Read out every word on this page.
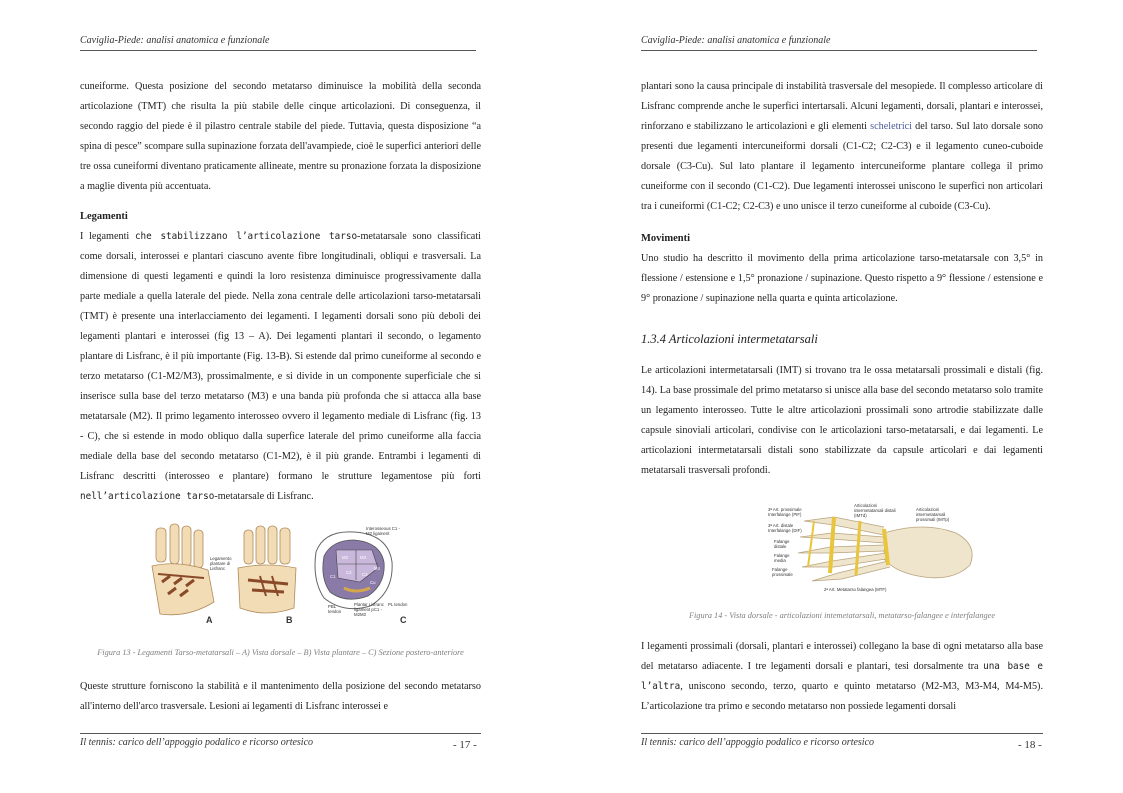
Caviglia-Piede: analisi anatomica e funzionale

cuneiforme. Questa posizione del secondo metatarso diminuisce la mobilità della seconda articolazione (TMT) che risulta la più stabile delle cinque articolazioni. Di conseguenza, il secondo raggio del piede è il pilastro centrale stabile del piede. Tuttavia, questa disposizione “a spina di pesce” scompare sulla supinazione forzata dell'avampiede, cioè le superfici anteriori delle tre ossa cuneiformi diventano praticamente allineate, mentre su pronazione forzata la disposizione a maglie diventa più accentuata.

Legamenti

I legamenti che stabilizzano l’articolazione tarso-metatarsale sono classificati come dorsali, interossei e plantari ciascuno avente fibre longitudinali, obliqui e trasversali. La dimensione di questi legamenti e quindi la loro resistenza diminuisce progressivamente dalla parte mediale a quella laterale del piede. Nella zona centrale delle articolazioni tarso-metatarsali (TMT) è presente una interlacciamento dei legamenti. I legamenti dorsali sono più deboli dei legamenti plantari e interossei (fig 13 – A). Dei legamenti plantari il secondo, o legamento plantare di Lisfranc, è il più importante (Fig. 13-B). Si estende dal primo cuneiforme al secondo e terzo metatarso (C1-M2/M3), prossimalmente, e si divide in un componente superficiale che si inserisce sulla base del terzo metatarso (M3) e una banda più profonda che si attacca alla base metatarsale (M2). Il primo legamento interosseo ovvero il legamento mediale di Lisfranc (fig. 13 - C), che si estende in modo obliquo dalla superfice laterale del primo cuneiforme alla faccia mediale della base del secondo metatarso (C1-M2), è il più grande. Entrambi i legamenti di Lisfranc descritti (interosseo e plantare) formano le strutture legamentose più forti nell’articolazione tarso-metatarsale di Lisfranc.

Legamento plantare di Lisfranc
Interosseous C1 - M2 ligament
Plantar Lisfranc ligament pC1 - M2M3
PL tendon
PBL tendon
M2	M3
M4
C1
C2 C3
Cu
A	B	C
Figura 13 - Legamenti Tarso-metatarsali – A) Vista dorsale – B) Vista plantare – C) Sezione postero-anteriore

Queste strutture forniscono la stabilità e il mantenimento della posizione del secondo metatarso all'interno dell'arco trasversale. Lesioni ai legamenti di Lisfranc interossei e

Il tennis: carico dell’appoggio podalico e ricorso ortesico	- 17 -
Caviglia-Piede: analisi anatomica e funzionale

plantari sono la causa principale di instabilità trasversale del mesopiede. Il complesso articolare di Lisfranc comprende anche le superfici intertarsali. Alcuni legamenti, dorsali, plantari e interossei, rinforzano e stabilizzano le articolazioni e gli elementi scheletrici del tarso. Sul lato dorsale sono presenti due legamenti intercuneiformi dorsali (C1-C2; C2-C3) e il legamento cuneo-cuboide dorsale (C3-Cu). Sul lato plantare il legamento intercuneiforme plantare collega il primo cuneiforme con il secondo (C1-C2). Due legamenti interossei uniscono le superfici non articolari tra i cuneiformi (C1-C2; C2-C3) e uno unisce il terzo cuneiforme al cuboide (C3-Cu).

Movimenti

Uno studio ha descritto il movimento della prima articolazione tarso-metatarsale con 3,5° in flessione / estensione e 1,5° pronazione / supinazione. Questo rispetto a 9° flessione / estensione e 9° pronazione / supinazione nella quarta e quinta articolazione.

1.3.4 Articolazioni intermetatarsali

Le articolazioni intermetatarsali (IMT) si trovano tra le ossa metatarsali prossimali e distali (fig. 14). La base prossimale del primo metatarso si unisce alla base del secondo metatarso solo tramite un legamento interosseo. Tutte le altre articolazioni prossimali sono artrodie stabilizzate dalle capsule sinoviali articolari, condivise con le articolazioni tarso-metatarsali, e dai legamenti. Le articolazioni intermetatarsali distali sono stabilizzate da capsule articolari e dai legamenti metatarsali trasversali profondi.

3ª Art. prossimale Interfalange (PIF)
3ª Art. distale Interfalange (DIF)
Falange distale
Falange media
Falange prossimale
Articolazioni intermetatarsali distali (IMTd)
Articolazioni intermetatarsali prossimali (IMTp)
2ª Art. Metatarso falangea (MTF)
Figura 14 - Vista dorsale - articolazioni intemetatarsali, metatarso-falangee e interfalangee

I legamenti prossimali (dorsali, plantari e interossei) collegano la base di ogni metatarso alla base del metatarso adiacente. I tre legamenti dorsali e plantari, tesi dorsalmente tra una base e l’altra, uniscono secondo, terzo, quarto e quinto metatarso (M2-M3, M3-M4, M4-M5). L’articolazione tra primo e secondo metatarso non possiede legamenti dorsali

Il tennis: carico dell’appoggio podalico e ricorso ortesico	- 18 -
